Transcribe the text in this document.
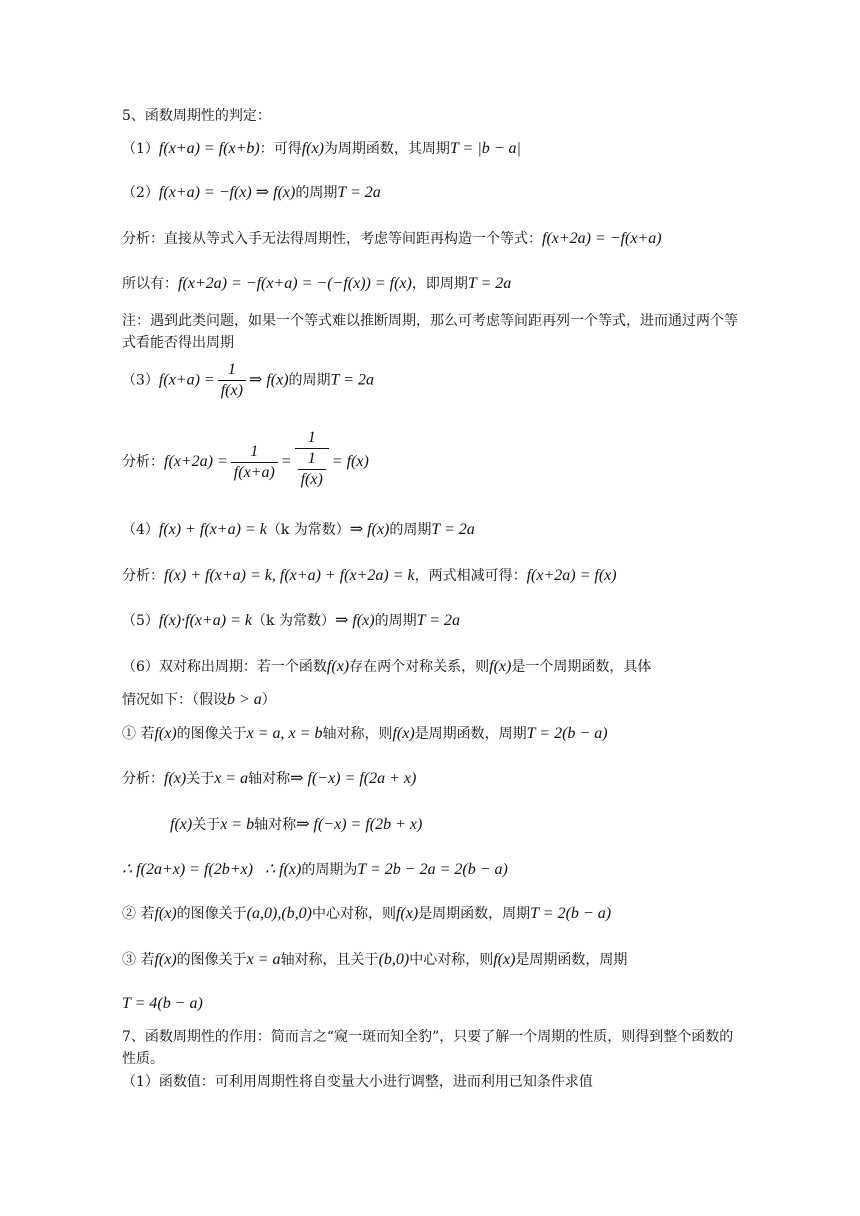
5、函数周期性的判定：
（1）f(x+a) = f(x+b)：可得f(x)为周期函数，其周期T = |b − a|
（2）f(x+a) = −f(x) ⇒ f(x)的周期T = 2a
分析：直接从等式入手无法得周期性，考虑等间距再构造一个等式：f(x+2a) = −f(x+a)
所以有：f(x+2a) = −f(x+a) = −(−f(x)) = f(x)，即周期T = 2a
注：遇到此类问题，如果一个等式难以推断周期，那么可考虑等间距再列一个等式，进而通过两个等式看能否得出周期
$(3)f(x+a) = \frac{1}{f(x)}$ ⇒ f(x)的周期T = 2a
分析：$f(x+2a) = \frac{1}{f(x+a)} = 1$
1
f(x) = f(x)
（4）f(x) + f(x+a) = k（k 为常数）⇒ f(x)的周期T = 2a
分析：f(x) + f(x+a) = k, f(x+a) + f(x+2a) = k，两式相减可得：f(x+2a) = f(x)
（5）f(x)·f(x+a) = k（k 为常数）⇒ f(x)的周期T = 2a
（6）双对称出周期：若一个函数f(x)存在两个对称关系，则f(x)是一个周期函数，具体
情况如下：（假设b > a）
① 若f(x)的图像关于x = a, x = b轴对称，则f(x)是周期函数，周期T = 2(b − a)
分析：f(x)关于x = a轴对称⇒ f(−x) = f(2a + x)
f(x)关于x = b轴对称⇒ f(−x) = f(2b + x)
∴ f(2a+x) = f(2b+x)   ∴ f(x)的周期为T = 2b − 2a = 2(b − a)
② 若f(x)的图像关于(a,0),(b,0)中心对称，则f(x)是周期函数，周期T = 2(b − a)
③ 若f(x)的图像关于x = a轴对称，且关于(b,0)中心对称，则f(x)是周期函数，周期
T = 4(b − a)
7、函数周期性的作用：简而言之“窥一斑而知全豹”，只要了解一个周期的性质，则得到整个函数的性质。
（1）函数值：可利用周期性将自变量大小进行调整，进而利用已知条件求值
